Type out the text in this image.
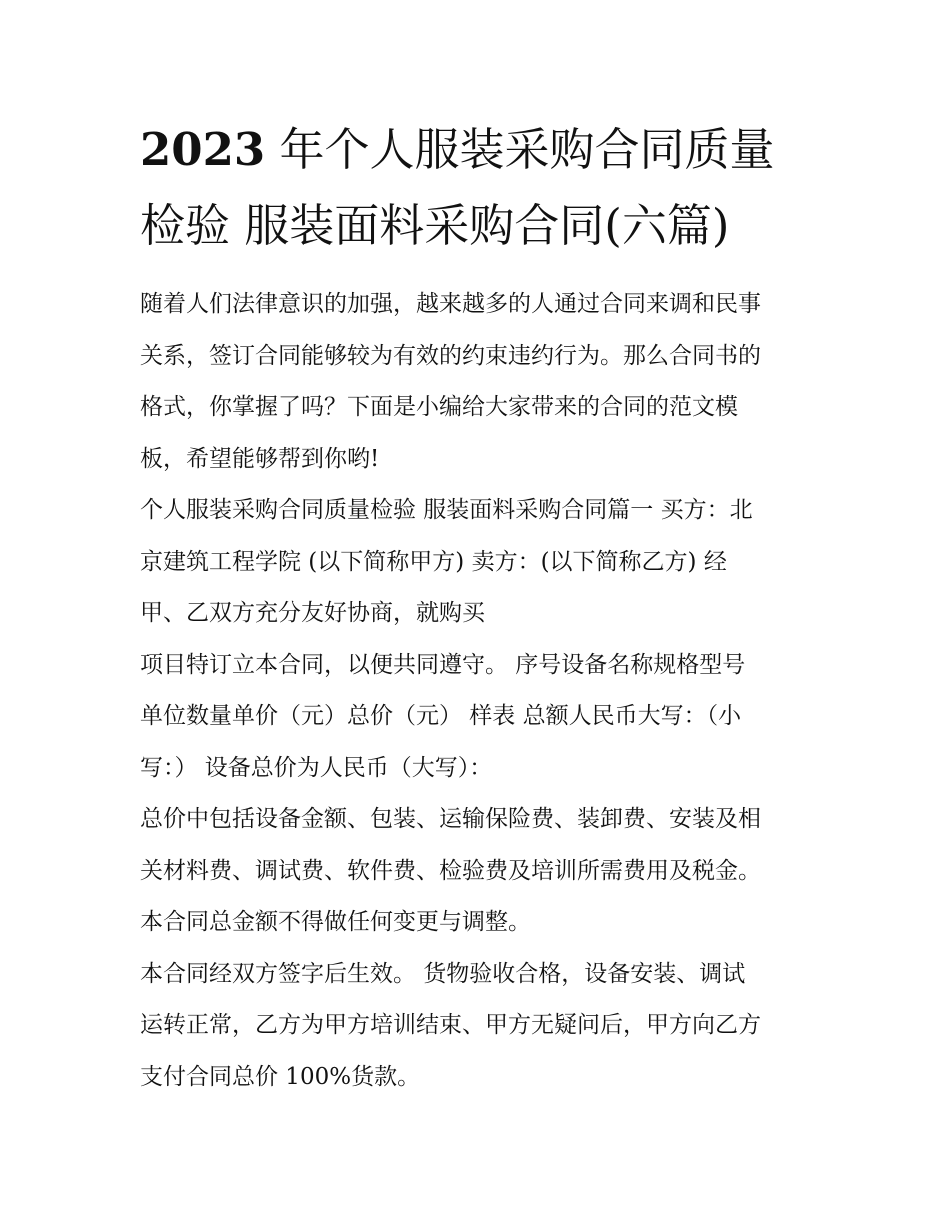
2023 年个人服装采购合同质量
检验 服装面料采购合同(六篇)
随着人们法律意识的加强，越来越多的人通过合同来调和民事
关系，签订合同能够较为有效的约束违约行为。那么合同书的
格式，你掌握了吗？下面是小编给大家带来的合同的范文模
板，希望能够帮到你哟!
个人服装采购合同质量检验 服装面料采购合同篇一 买方：北
京建筑工程学院 (以下简称甲方) 卖方：(以下简称乙方) 经
甲、乙双方充分友好协商，就购买
项目特订立本合同，以便共同遵守。 序号设备名称规格型号
单位数量单价（元）总价（元） 样表 总额人民币大写：（小
写：） 设备总价为人民币（大写）：
总价中包括设备金额、包装、运输保险费、装卸费、安装及相
关材料费、调试费、软件费、检验费及培训所需费用及税金。
本合同总金额不得做任何变更与调整。
本合同经双方签字后生效。 货物验收合格，设备安装、调试
运转正常，乙方为甲方培训结束、甲方无疑问后，甲方向乙方
支付合同总价 100%货款。
